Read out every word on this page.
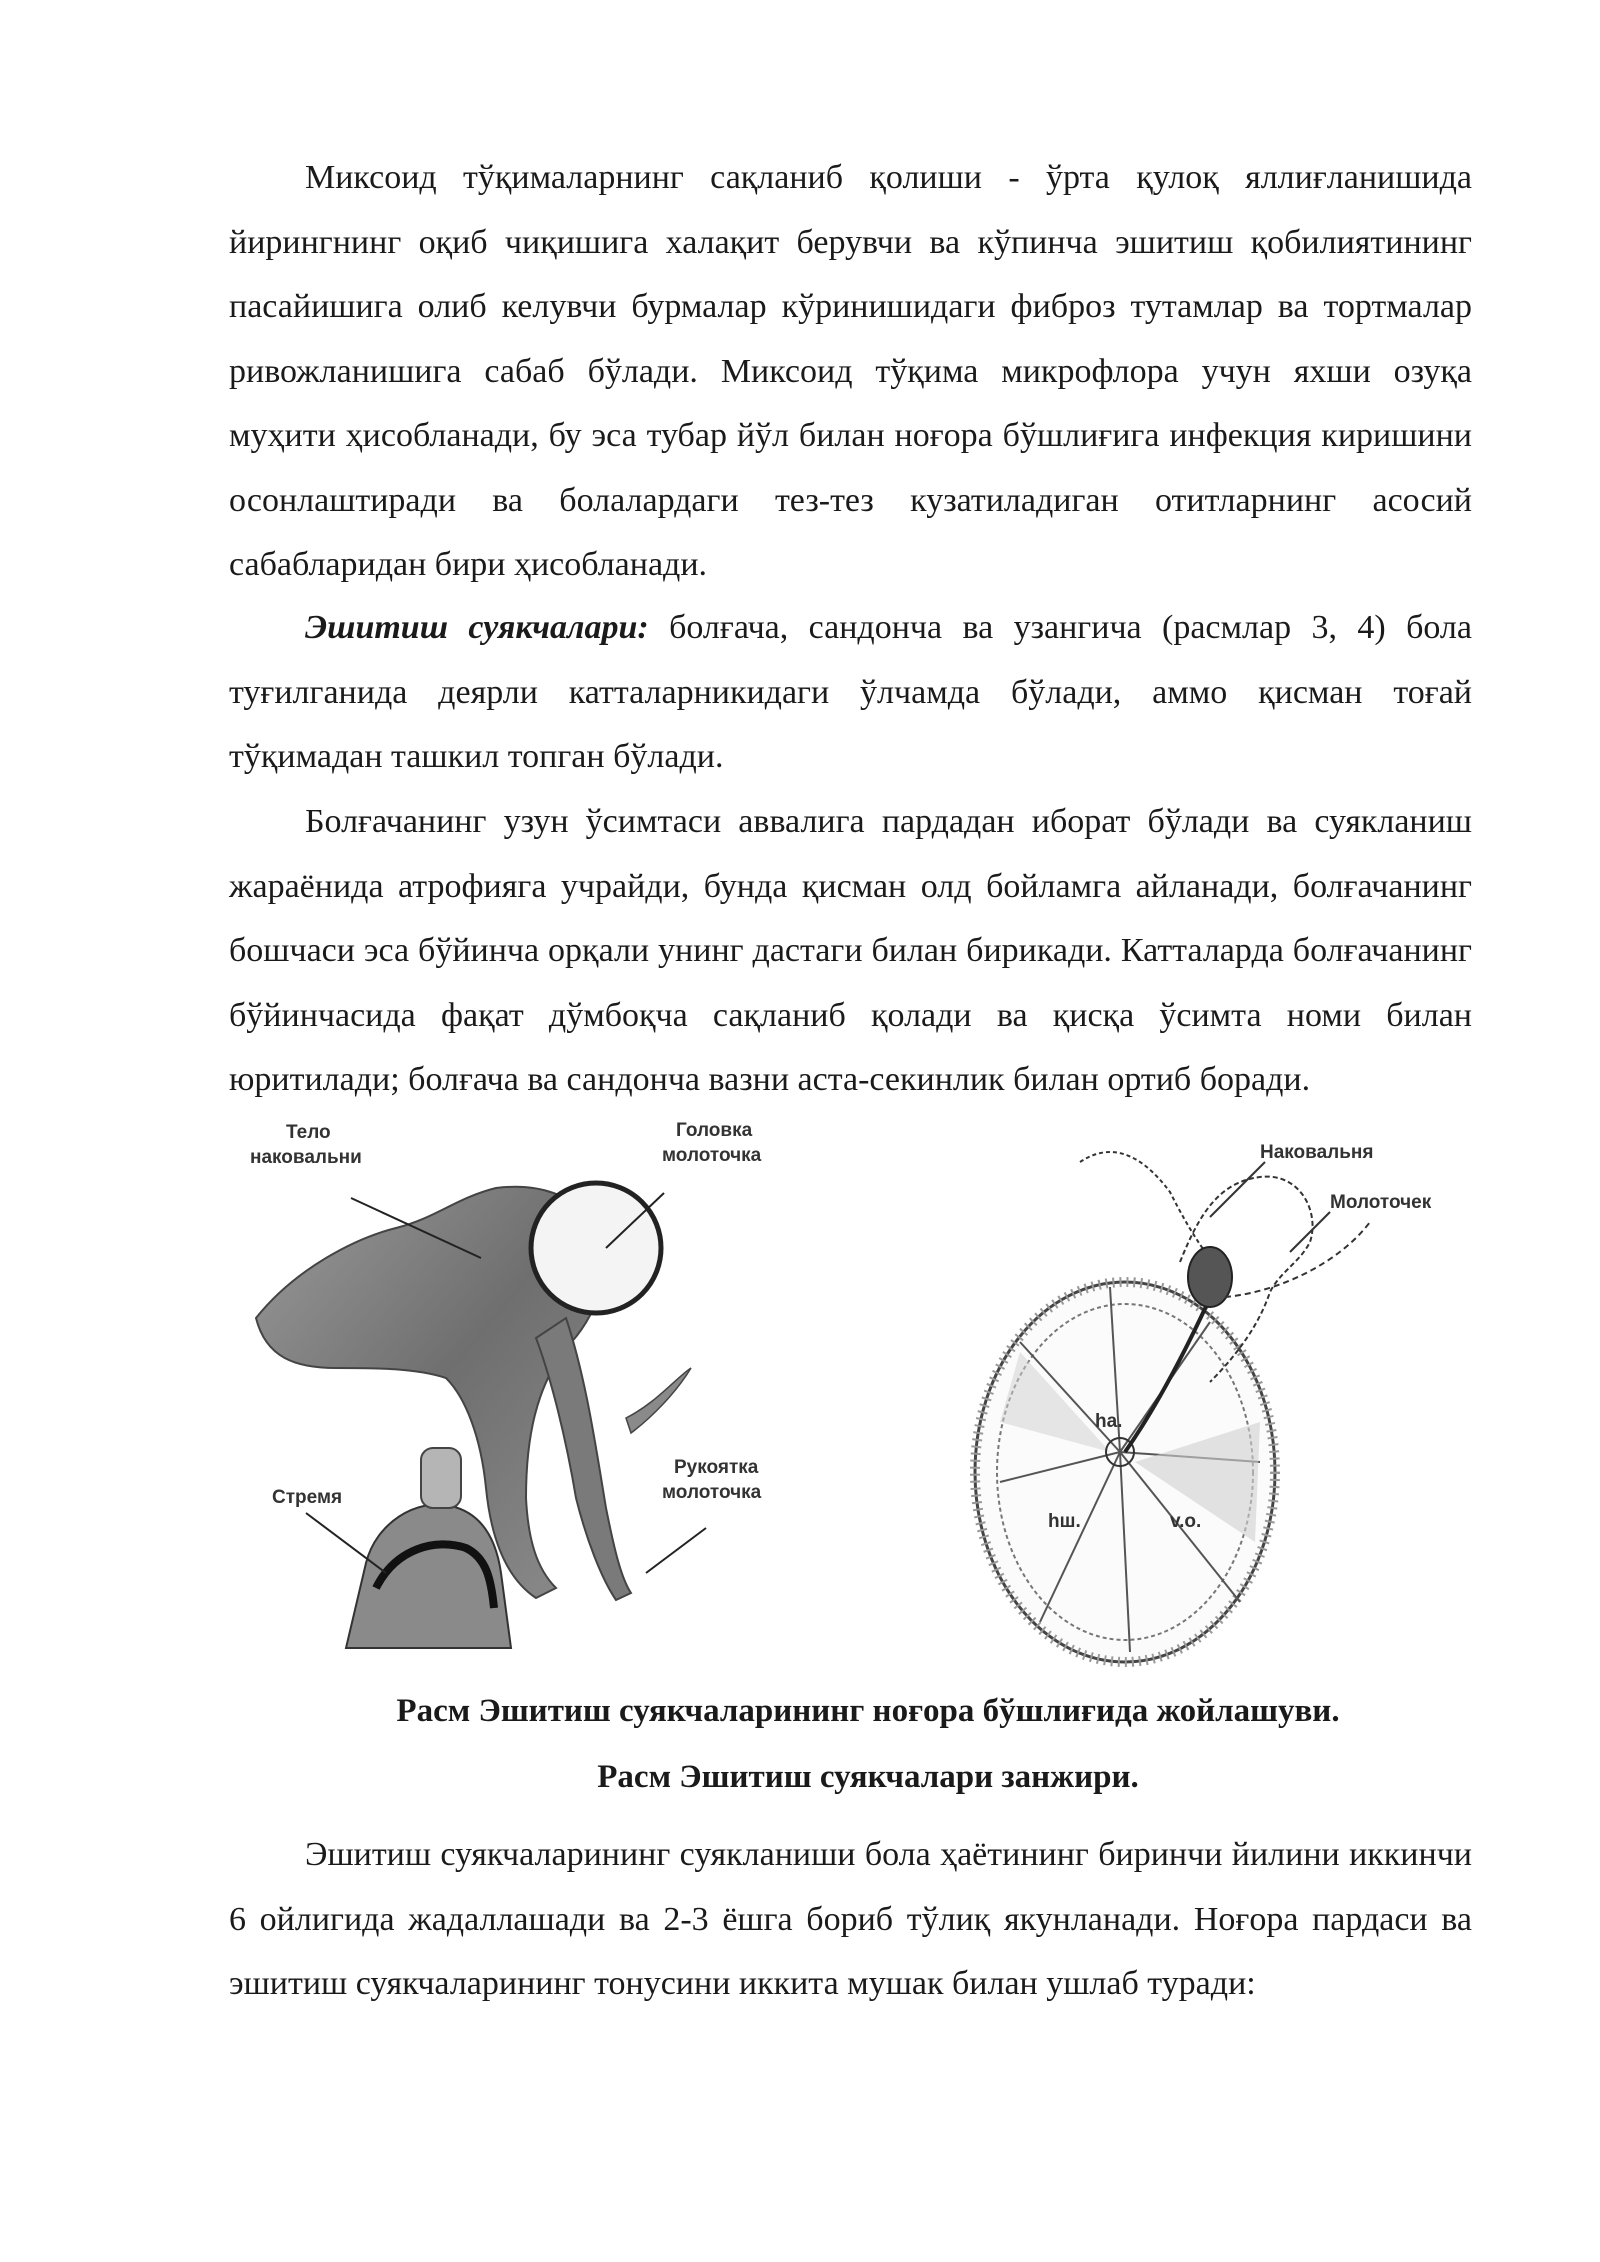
Миксоид тўқималарнинг сақланиб қолиши - ўрта қулоқ яллиғланишида йирингнинг оқиб чиқишига халақит берувчи ва кўпинча эшитиш қобилиятининг пасайишига олиб келувчи бурмалар кўринишидаги фиброз тутамлар ва тортмалар ривожланишига сабаб бўлади. Миксоид тўқима микрофлора учун яхши озуқа муҳити ҳисобланади, бу эса тубар йўл билан ноғора бўшлиғига инфекция киришини осонлаштиради ва болалардаги тез-тез кузатиладиган отитларнинг асосий сабабларидан бири ҳисобланади.

Эшитиш суякчалари: болғача, сандонча ва узангича (расмлар 3, 4) бола туғилганида деярли катталарникидаги ўлчамда бўлади, аммо қисман тоғай тўқимадан ташкил топган бўлади.

Болғачанинг узун ўсимтаси аввалига пардадан иборат бўлади ва суякланиш жараёнида атрофияга учрайди, бунда қисман олд бойламга айланади, болғачанинг бошчаси эса бўйинча орқали унинг дастаги билан бирикади. Катталарда болғачанинг бўйинчасида фақат дўмбоқча сақланиб қолади ва қисқа ўсимта номи билан юритилади; болғача ва сандонча вазни аста-секинлик билан ортиб боради.

Тело
наковальни
Головка
молоточка
Стремя
Рукоятка
молоточка
Наковальня
Молоточек
hа.
hш.	v.o.

Расм Эшитиш суякчаларининг ноғора бўшлиғида жойлашуви.

Расм Эшитиш суякчалари занжири.

Эшитиш суякчаларининг суякланиши бола ҳаётининг биринчи йилини иккинчи 6 ойлигида жадаллашади ва 2-3 ёшга бориб тўлиқ якунланади. Ноғора пардаси ва эшитиш суякчаларининг тонусини иккита мушак билан ушлаб туради:
